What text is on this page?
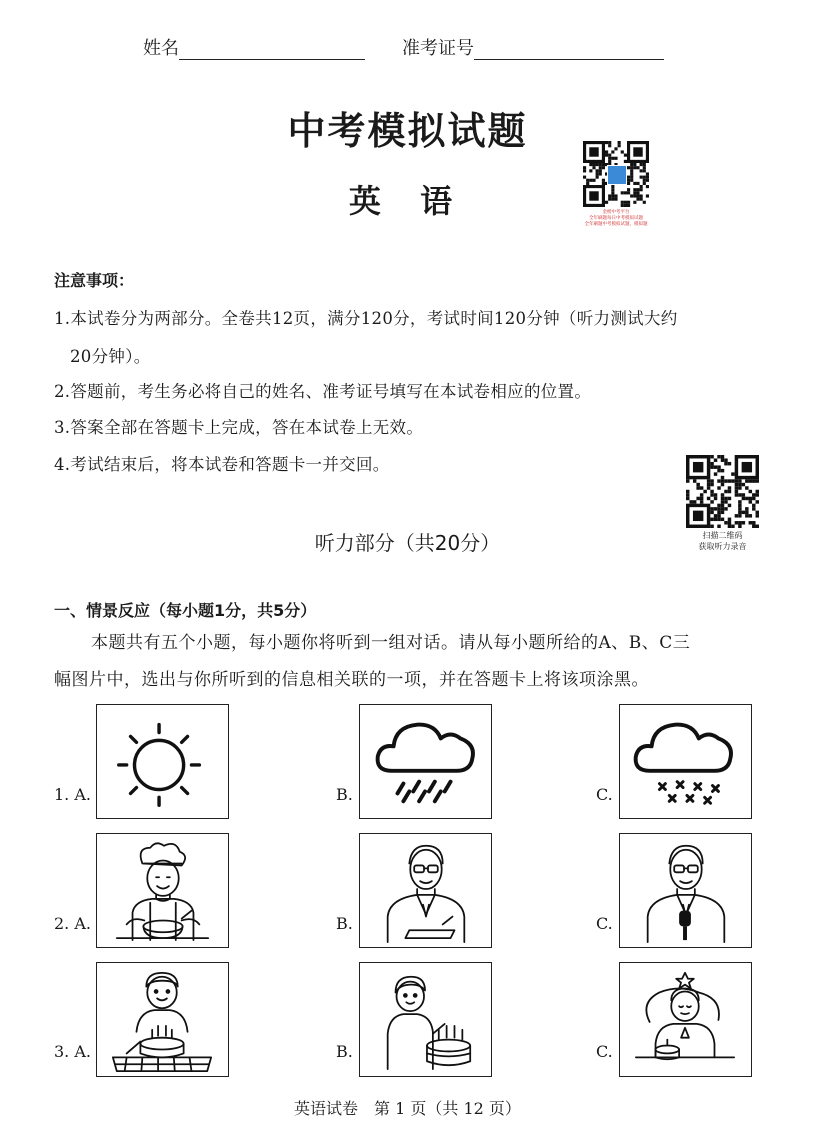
姓名	准考证号
中考模拟试题
英 语	金榜中考平台
全年刷题每日中考模拟试题
全年刷题中考模拟试题、模拟题
注意事项：
1.本试卷分为两部分。全卷共12页，满分120分，考试时间120分钟（听力测试大约
20分钟）。
2.答题前，考生务必将自己的姓名、准考证号填写在本试卷相应的位置。
3.答案全部在答题卡上完成，答在本试卷上无效。
4.考试结束后，将本试卷和答题卡一并交回。
扫描二维码
获取听力录音
听力部分（共20分）
一、情景反应（每小题1分，共5分）
本题共有五个小题，每小题你将听到一组对话。请从每小题所给的A、B、C三
幅图片中，选出与你所听到的信息相关联的一项，并在答题卡上将该项涂黑。
1. A.	B.	C.
2. A.	B.	C.
3. A.	B.	C.
英语试卷　第 1 页（共 12 页）
